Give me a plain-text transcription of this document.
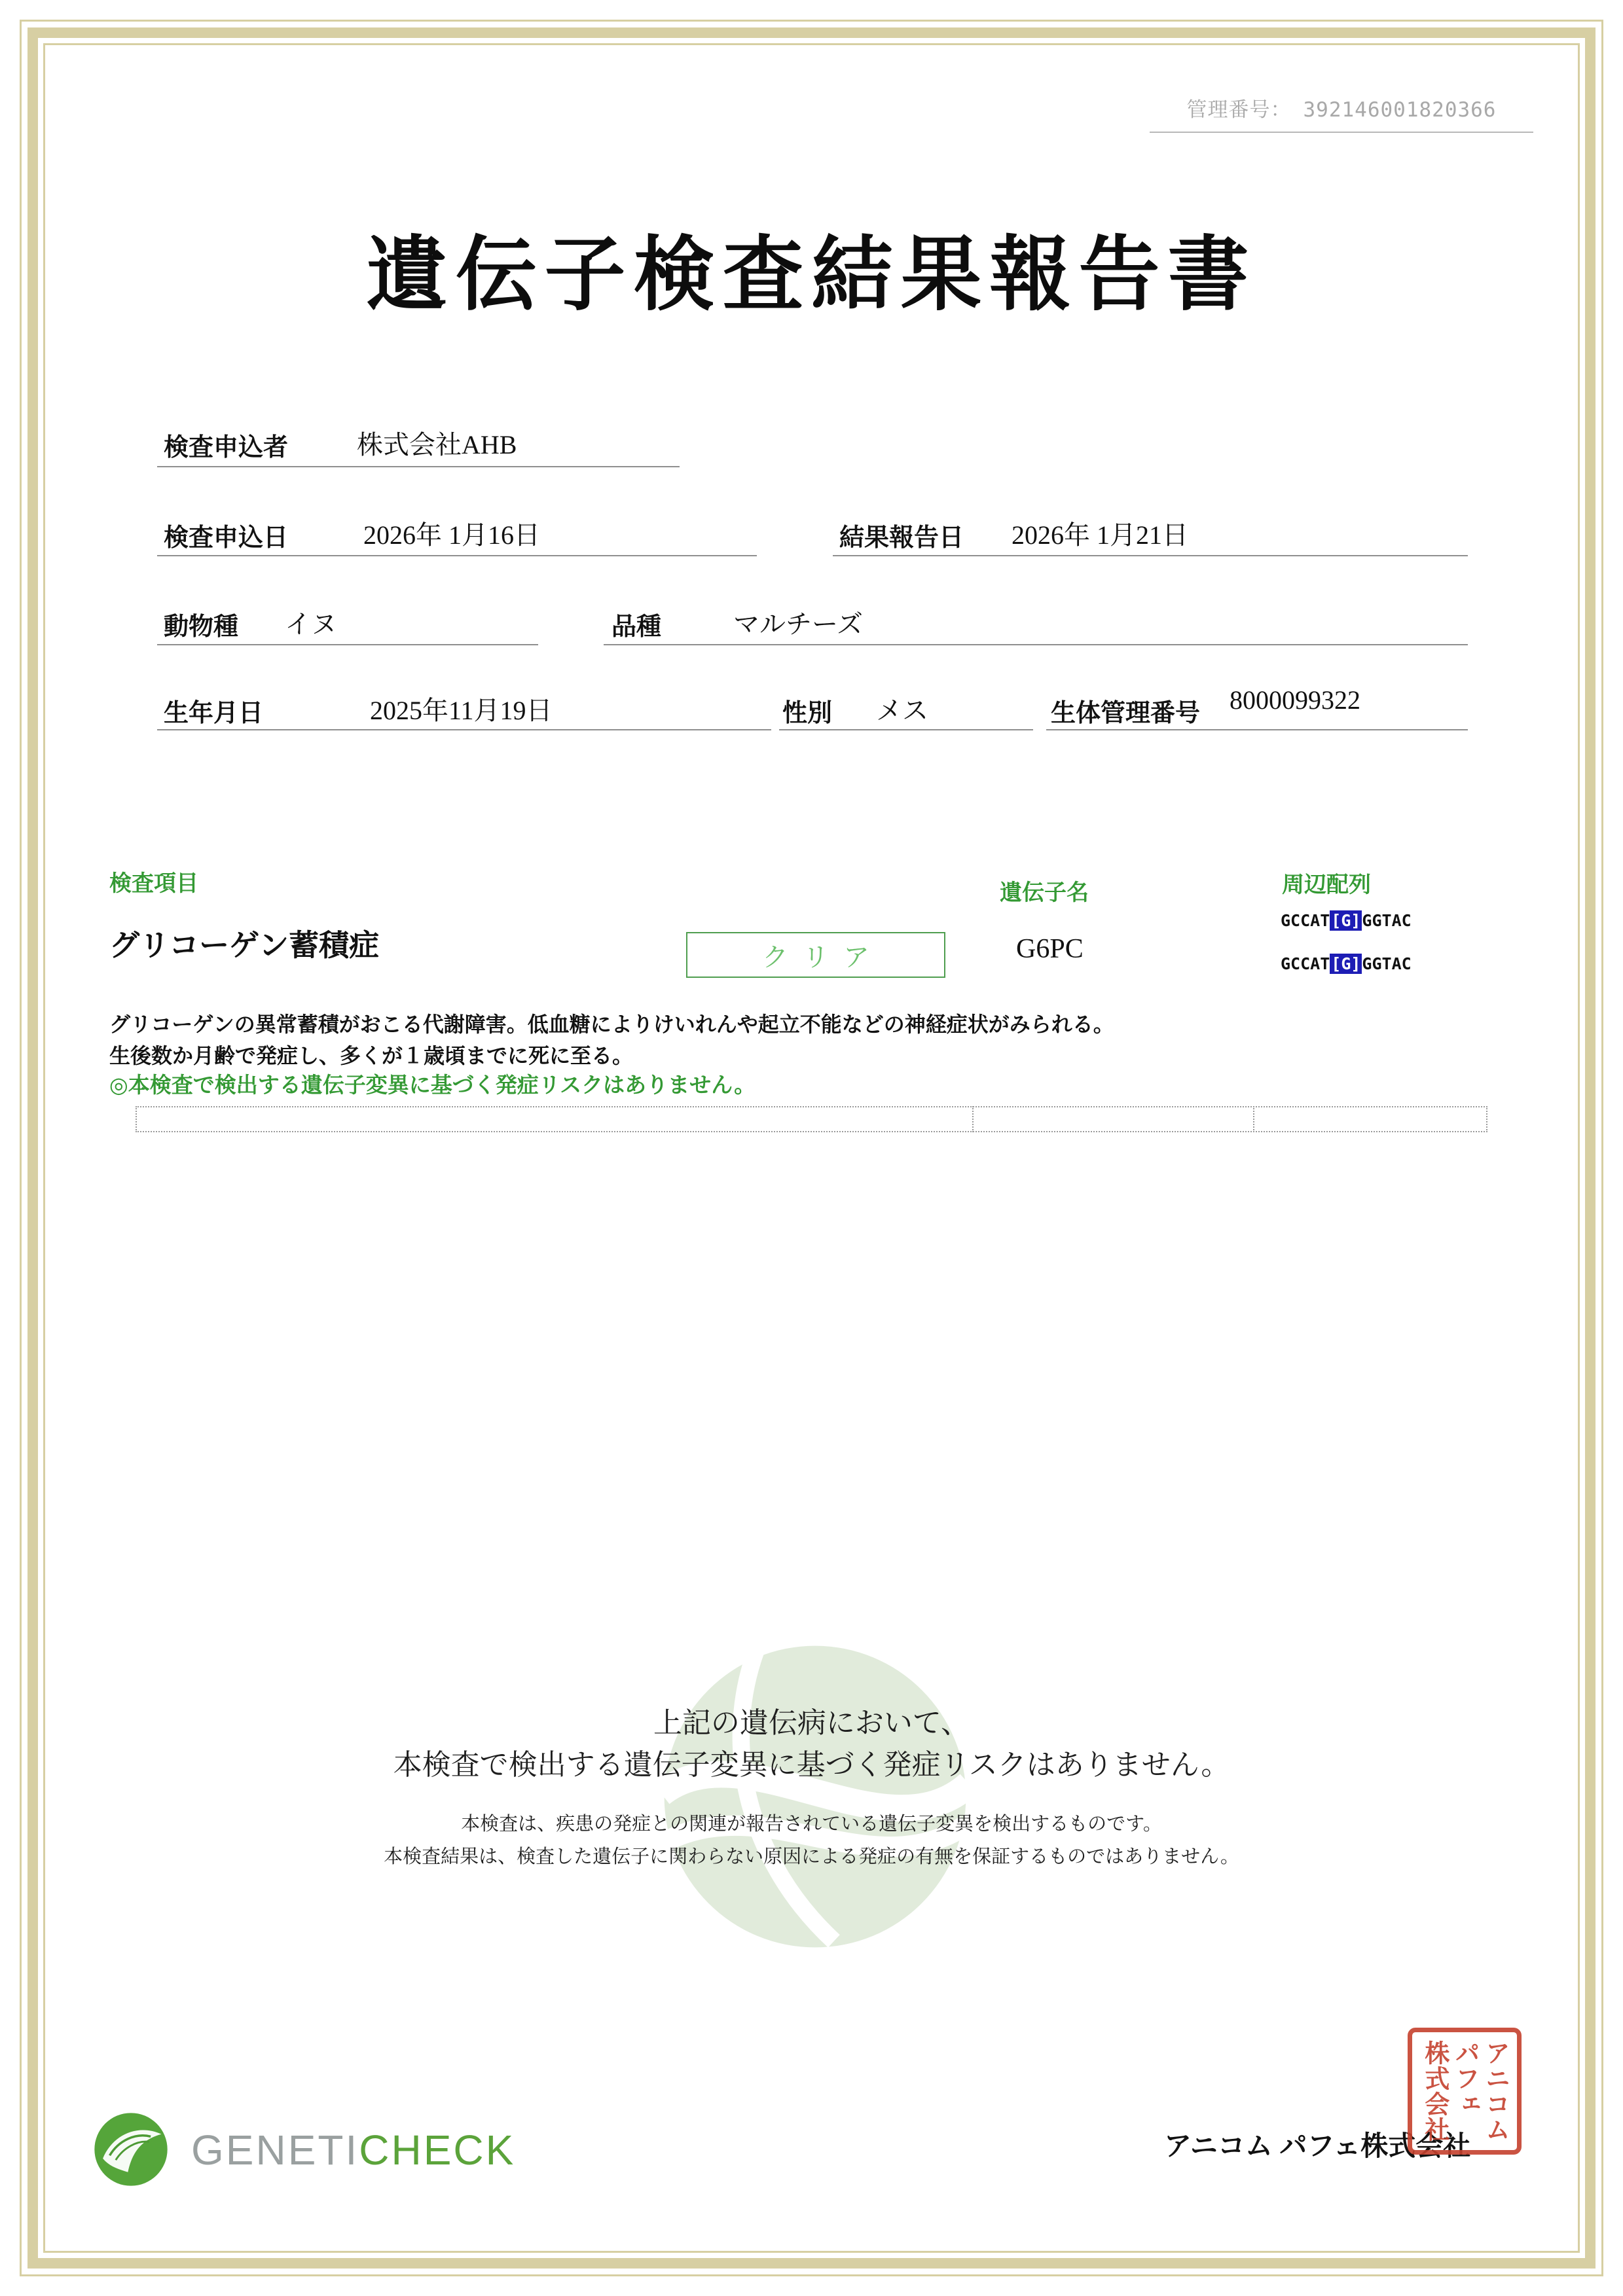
管理番号： 392146001820366
遺伝子検査結果報告書
検査申込者	株式会社AHB
検査申込日	2026年 1月16日	結果報告日 2026年 1月21日
動物種 イヌ	品種	マルチーズ
生年月日	2025年11月19日	性別 メス	生体管理番号 8000099322
検査項目	遺伝子名	周辺配列
グリコーゲン蓄積症	クリア	G6PC
GCCAT[G]GGTAC
GCCAT[G]GGTAC
グリコーゲンの異常蓄積がおこる代謝障害。低血糖によりけいれんや起立不能などの神経症状がみられる。
生後数か月齢で発症し、多くが１歳頃までに死に至る。
◎本検査で検出する遺伝子変異に基づく発症リスクはありません。
上記の遺伝病において、
本検査で検出する遺伝子変異に基づく発症リスクはありません。
本検査は、疾患の発症との関連が報告されている遺伝子変異を検出するものです。
本検査結果は、検査した遺伝子に関わらない原因による発症の有無を保証するものではありません。
GENETICHECK	アニコム パフェ株式会社
アニコム
パフェ
株式会社
